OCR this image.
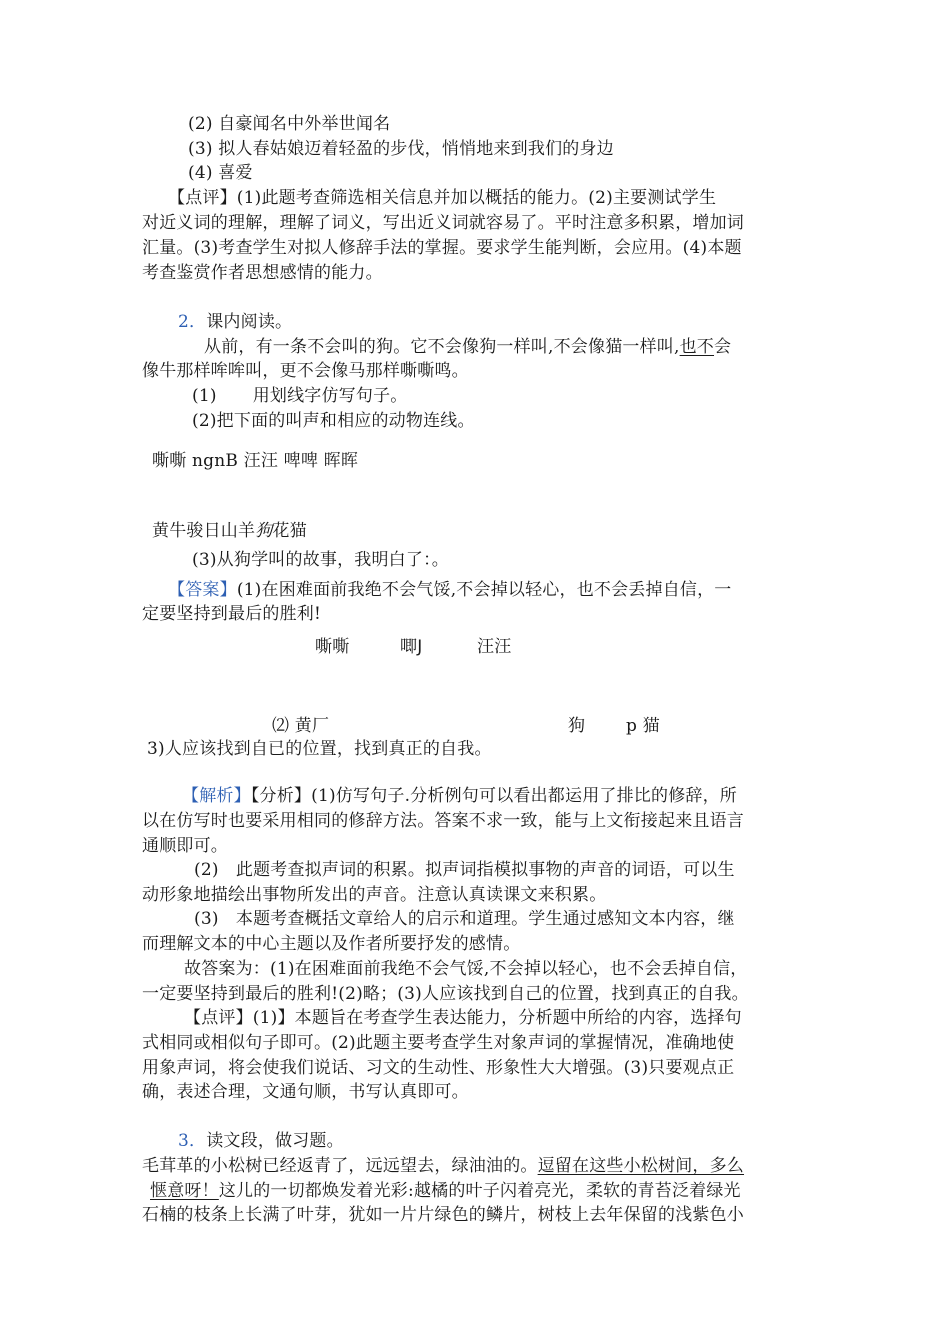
(2) 自豪闻名中外举世闻名
(3) 拟人春姑娘迈着轻盈的步伐，悄悄地来到我们的身边
(4) 喜爱
【点评】(1)此题考查筛选相关信息并加以概括的能力。(2)主要测试学生
对近义词的理解，理解了词义，写出近义词就容易了。平时注意多积累，增加词
汇量。(3)考查学生对拟人修辞手法的掌握。要求学生能判断，会应用。(4)本题
考查鉴赏作者思想感情的能力。
2．课内阅读。
从前，有一条不会叫的狗。它不会像狗一样叫,不会像猫一样叫,也不会
像牛那样哞哞叫，更不会像马那样嘶嘶鸣。
(1) 用划线字仿写句子。
(2)把下面的叫声和相应的动物连线。
嘶嘶 ngnB 汪汪 啤啤 晖晖
黄牛骏日山羊狗花猫
(3)从狗学叫的故事，我明白了：。
【答案】(1)在困难面前我绝不会气馁,不会掉以轻心，也不会丢掉自信，一
定要坚持到最后的胜利!
嘶嘶	唧J	汪汪
⑵ 黄厂	狗 p 猫
3)人应该找到自已的位置，找到真正的自我。
【解析】【分析】(1)仿写句子.分析例句可以看出都运用了排比的修辞，所
以在仿写时也要采用相同的修辞方法。答案不求一致，能与上文衔接起来且语言
通顺即可。
(2)　此题考查拟声词的积累。拟声词指模拟事物的声音的词语，可以生
动形象地描绘出事物所发出的声音。注意认真读课文来积累。
(3)　本题考查概括文章给人的启示和道理。学生通过感知文本内容，继
而理解文本的中心主题以及作者所要抒发的感情。
故答案为：(1)在困难面前我绝不会气馁,不会掉以轻心，也不会丢掉自信，
一定要坚持到最后的胜利!(2)略；(3)人应该找到自己的位置，找到真正的自我。
【点评】(1)】本题旨在考查学生表达能力，分析题中所给的内容，选择句
式相同或相似句子即可。(2)此题主要考查学生对象声词的掌握情况，准确地使
用象声词，将会使我们说话、习文的生动性、形象性大大增强。(3)只要观点正
确，表述合理，文通句顺，书写认真即可。
3．读文段，做习题。
毛茸革的小松树已经返青了，远远望去，绿油油的。逗留在这些小松树间，多么
惬意呀！这儿的一切都焕发着光彩:越橘的叶子闪着亮光，柔软的青苔泛着绿光
石楠的枝条上长满了叶芽，犹如一片片绿色的鳞片，树枝上去年保留的浅紫色小
